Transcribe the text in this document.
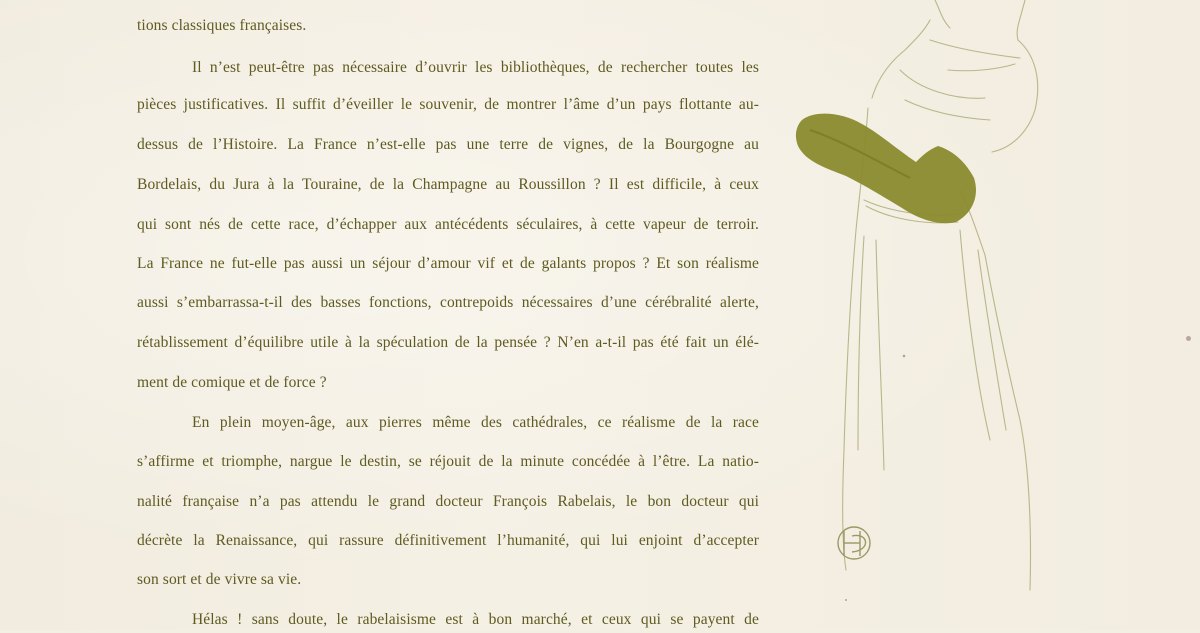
tions classiques françaises.
Il n’est peut-être pas nécessaire d’ouvrir les bibliothèques, de rechercher toutes les
pièces justificatives. Il suffit d’éveiller le souvenir, de montrer l’âme d’un pays flottante au-
dessus de l’Histoire. La France n’est-elle pas une terre de vignes, de la Bourgogne au
Bordelais, du Jura à la Touraine, de la Champagne au Roussillon ? Il est difficile, à ceux
qui sont nés de cette race, d’échapper aux antécédents séculaires, à cette vapeur de terroir.
La France ne fut-elle pas aussi un séjour d’amour vif et de galants propos ? Et son réalisme
aussi s’embarrassa-t-il des basses fonctions, contrepoids nécessaires d’une cérébralité alerte,
rétablissement d’équilibre utile à la spéculation de la pensée ? N’en a-t-il pas été fait un élé-
ment de comique et de force ?
En plein moyen-âge, aux pierres même des cathédrales, ce réalisme de la race
s’affirme et triomphe, nargue le destin, se réjouit de la minute concédée à l’être. La natio-
nalité française n’a pas attendu le grand docteur François Rabelais, le bon docteur qui
décrète la Renaissance, qui rassure définitivement l’humanité, qui lui enjoint d’accepter
son sort et de vivre sa vie.
Hélas ! sans doute, le rabelaisisme est à bon marché, et ceux qui se payent de
